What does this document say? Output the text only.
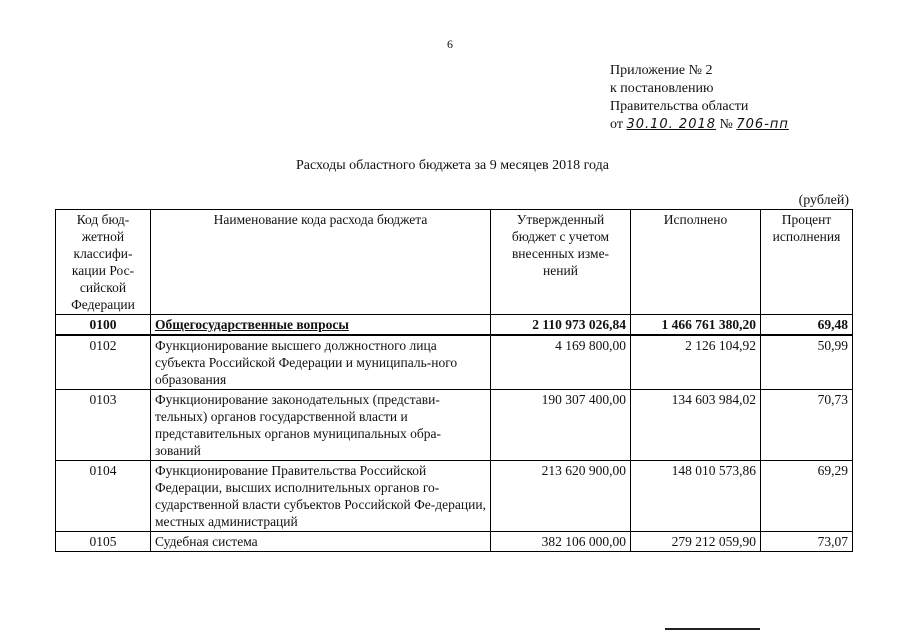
6
Приложение № 2
к постановлению
Правительства области
от 30.10. 2018 № 706-пп
Расходы областного бюджета за 9 месяцев 2018 года
(рублей)
Код бюд-жетной классифи-кации Рос-сийской Федерации	Наименование кода расхода бюджета	Утвержденный бюджет с учетом внесенных изме-нений	Исполнено	Процент исполнения
0100	Общегосударственные вопросы	2 110 973 026,84	1 466 761 380,20	69,48
0102	Функционирование высшего должностного лица субъекта Российской Федерации и муниципаль-ного образования	4 169 800,00	2 126 104,92	50,99
0103	Функционирование законодательных (представи-тельных) органов государственной власти и представительных органов муниципальных обра-зований	190 307 400,00	134 603 984,02	70,73
0104	Функционирование Правительства Российской Федерации, высших исполнительных органов го-сударственной власти субъектов Российской Фе-дерации, местных администраций	213 620 900,00	148 010 573,86	69,29
0105	Судебная система	382 106 000,00	279 212 059,90	73,07
